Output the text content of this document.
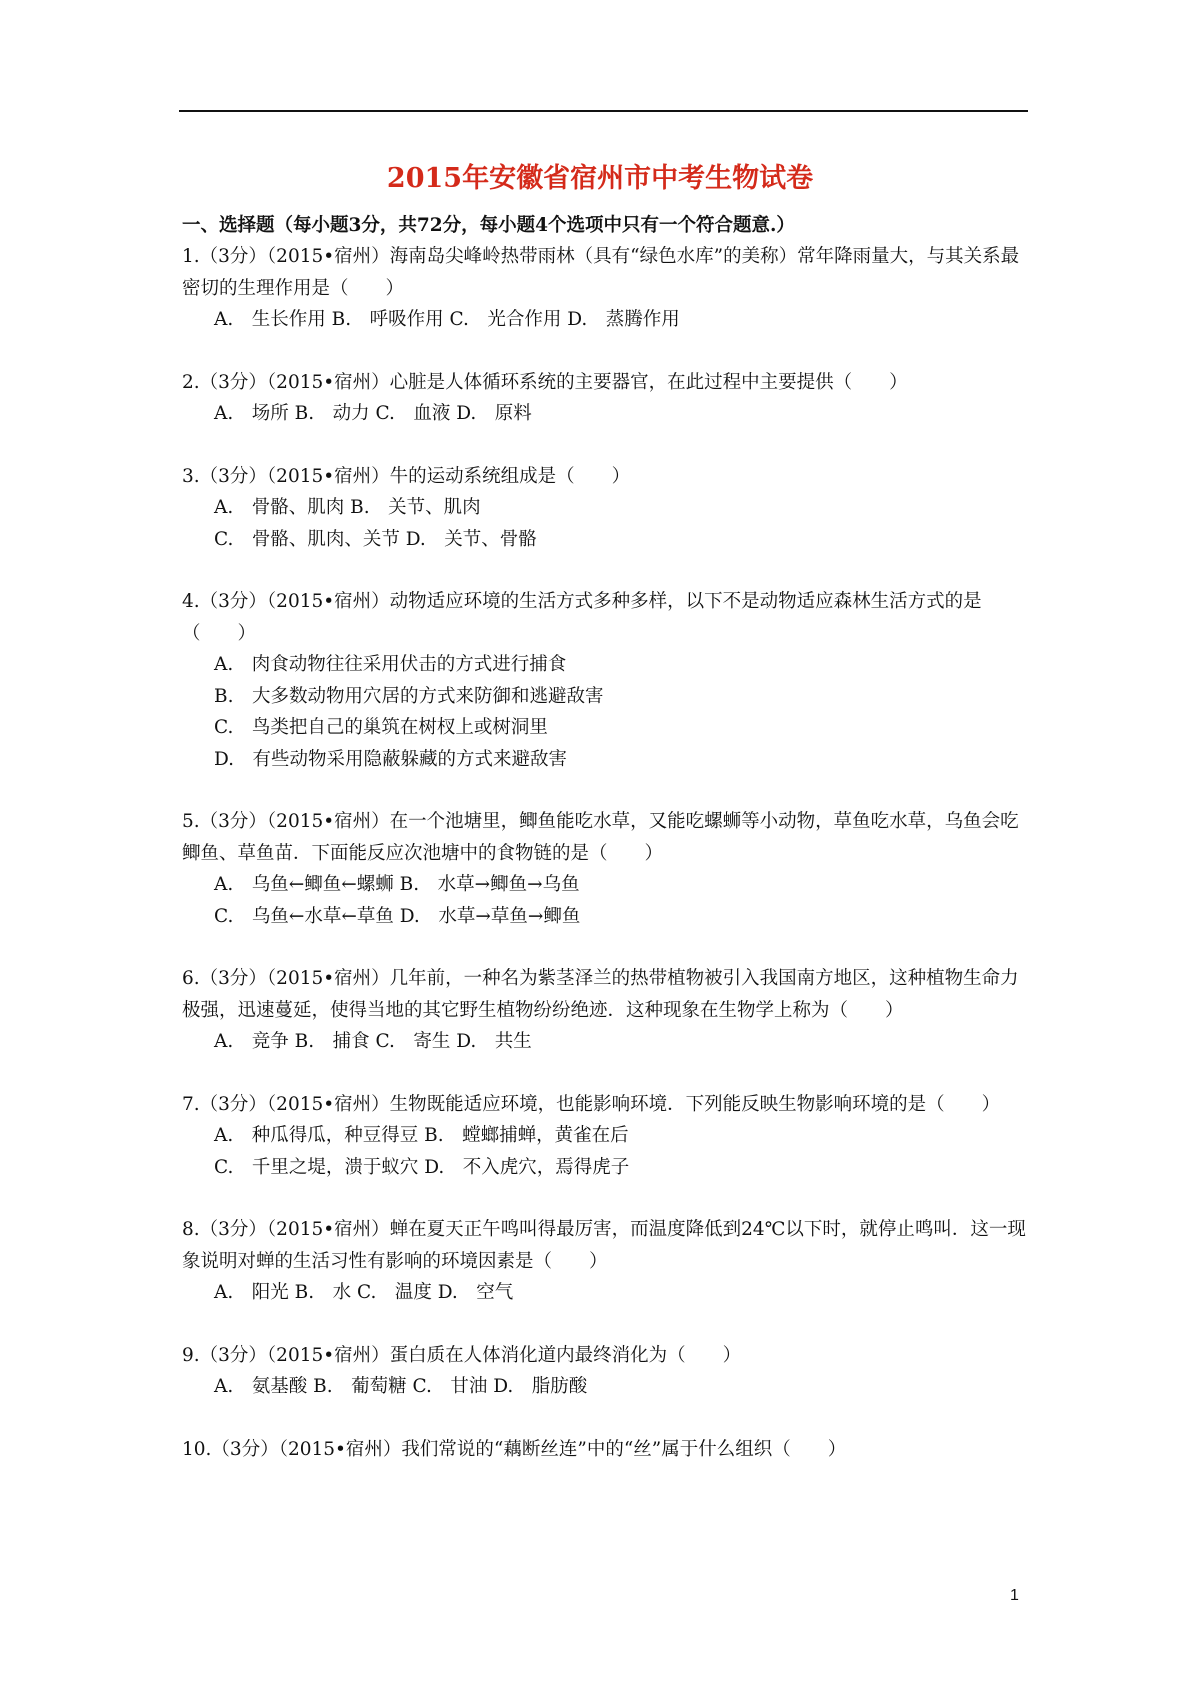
2015年安徽省宿州市中考生物试卷
一、选择题（每小题3分，共72分，每小题4个选项中只有一个符合题意.）

1.（3分）（2015•宿州）海南岛尖峰岭热带雨林（具有“绿色水库”的美称）常年降雨量大，与其关系最密切的生理作用是（　　）

A.　生长作用 B.　呼吸作用 C.　光合作用 D.　蒸腾作用

2.（3分）（2015•宿州）心脏是人体循环系统的主要器官，在此过程中主要提供（　　）

A.　场所 B.　动力 C.　血液 D.　原料

3.（3分）（2015•宿州）牛的运动系统组成是（　　）

A.　骨骼、肌肉 B.　关节、肌肉
C.　骨骼、肌肉、关节 D.　关节、骨骼

4.（3分）（2015•宿州）动物适应环境的生活方式多种多样，以下不是动物适应森林生活方式的是（　　）

A.　肉食动物往往采用伏击的方式进行捕食
B.　大多数动物用穴居的方式来防御和逃避敌害
C.　鸟类把自己的巢筑在树杈上或树洞里
D.　有些动物采用隐蔽躲藏的方式来避敌害

5.（3分）（2015•宿州）在一个池塘里，鲫鱼能吃水草，又能吃螺蛳等小动物，草鱼吃水草，乌鱼会吃鲫鱼、草鱼苗．下面能反应次池塘中的食物链的是（　　）

A.　乌鱼←鲫鱼←螺蛳 B.　水草→鲫鱼→乌鱼
C.　乌鱼←水草←草鱼 D.　水草→草鱼→鲫鱼

6.（3分）（2015•宿州）几年前，一种名为紫茎泽兰的热带植物被引入我国南方地区，这种植物生命力极强，迅速蔓延，使得当地的其它野生植物纷纷绝迹．这种现象在生物学上称为（　　）

A.　竞争 B.　捕食 C.　寄生 D.　共生

7.（3分）（2015•宿州）生物既能适应环境，也能影响环境．下列能反映生物影响环境的是（　　）

A.　种瓜得瓜，种豆得豆 B.　螳螂捕蝉，黄雀在后
C.　千里之堤，溃于蚁穴 D.　不入虎穴，焉得虎子

8.（3分）（2015•宿州）蝉在夏天正午鸣叫得最厉害，而温度降低到24℃以下时，就停止鸣叫．这一现象说明对蝉的生活习性有影响的环境因素是（　　）

A.　阳光 B.　水 C.　温度 D.　空气

9.（3分）（2015•宿州）蛋白质在人体消化道内最终消化为（　　）

A.　氨基酸 B.　葡萄糖 C.　甘油 D.　脂肪酸

10.（3分）（2015•宿州）我们常说的“藕断丝连”中的“丝”属于什么组织（　　）

1
